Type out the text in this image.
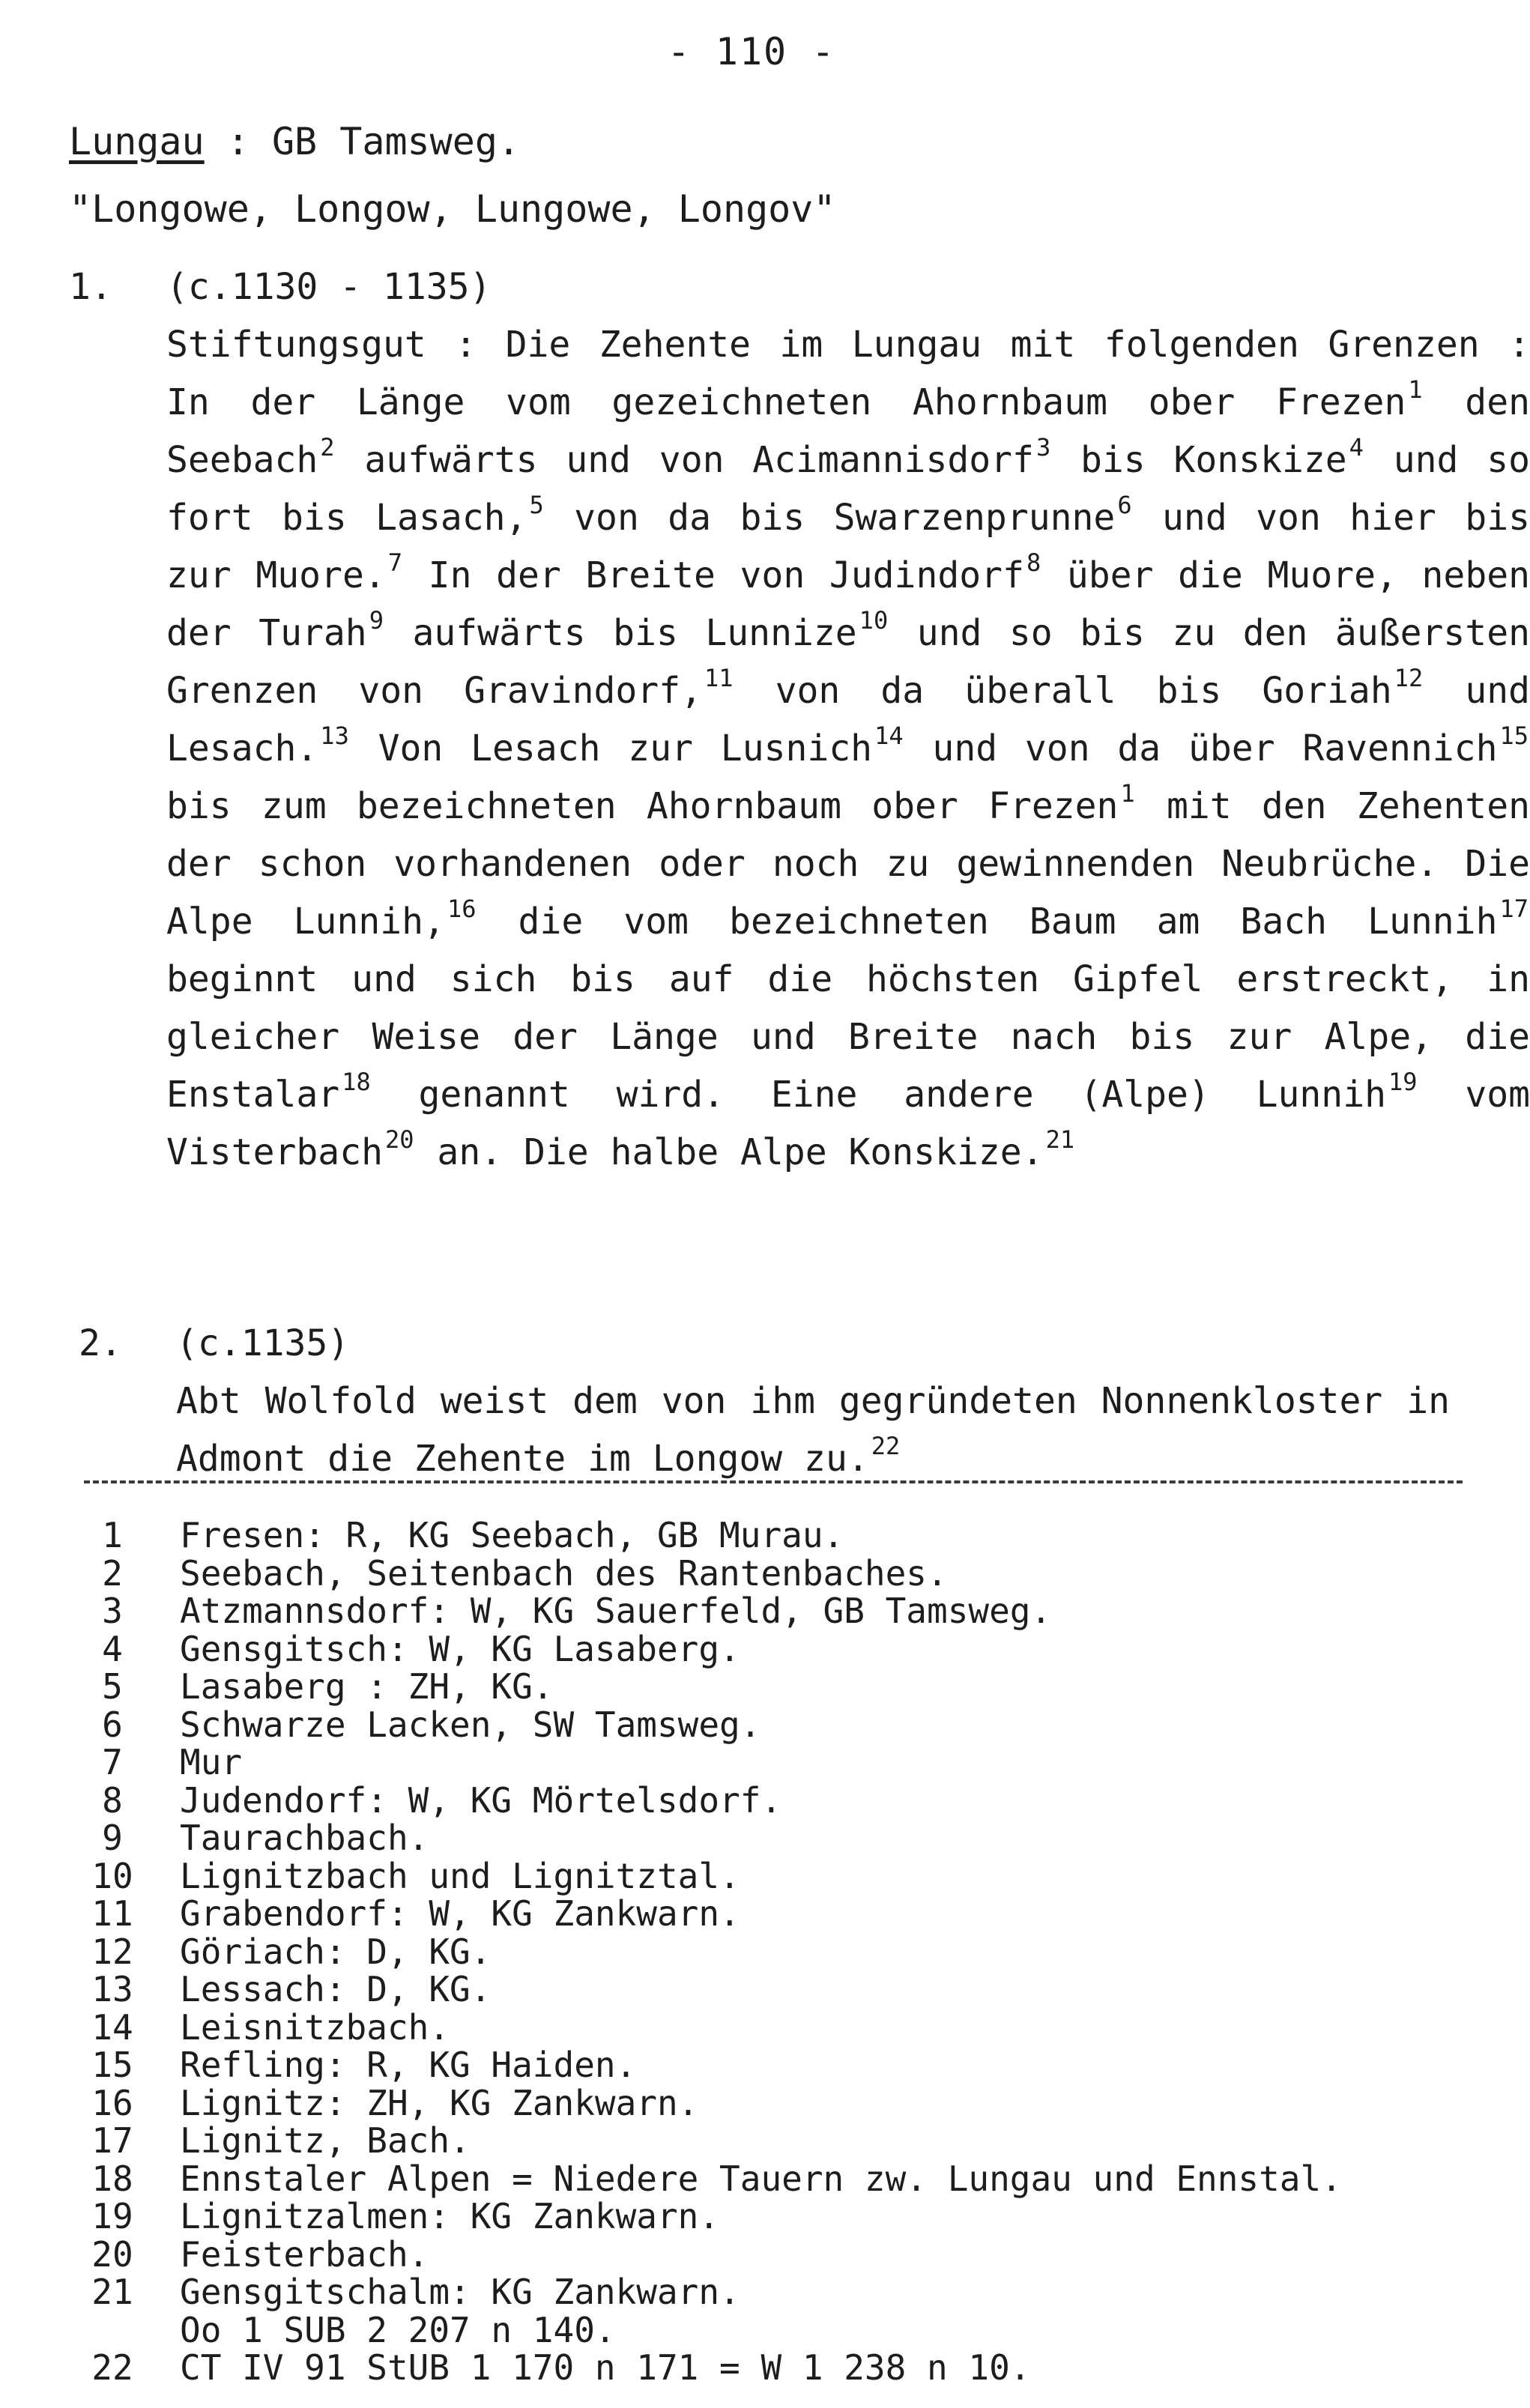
- 110 -
Lungau : GB Tamsweg.
"Longowe, Longow, Lungowe, Longov"
1. (c.1130 - 1135)
Stiftungsgut : Die Zehente im Lungau mit folgenden Grenzen : In der Länge vom gezeichneten Ahornbaum ober Frezen$^1$ den Seebach$^2$ aufwärts und von Acimannisdorf$^3$ bis Konskize$^4$ und so fort bis Lasach,$^5$ von da bis Swarzenprunne$^6$ und von hier bis zur Muore.$^7$ In der Breite von Judindorf$^8$ über die Muore, neben der Turah$^9$ aufwärts bis Lunnize$^{10}$ und so bis zu den äußersten Grenzen von Gravindorf,$^{11}$ von da überall bis Goriah$^{12}$ und Lesach.$^{13}$ Von Lesach zur Lusnich$^{14}$ und von da über Ravennich$^{15}$ bis zum bezeichneten Ahornbaum ober Frezen$^1$ mit den Zehenten der schon vorhandenen oder noch zu gewinnenden Neubrüche. Die Alpe Lunnih,$^{16}$ die vom bezeichneten Baum am Bach Lunnih$^{17}$ beginnt und sich bis auf die höchsten Gipfel erstreckt, in gleicher Weise der Länge und Breite nach bis zur Alpe, die Enstalar$^{18}$ genannt wird. Eine andere (Alpe) Lunnih$^{19}$ vom Visterbach$^{20}$ an. Die halbe Alpe Konskize.$^{21}$
2. (c.1135)
Abt Wolfold weist dem von ihm gegründeten Nonnenkloster in Admont die Zehente im Longow zu.$^{22}$
1	Fresen: R, KG Seebach, GB Murau.
2	Seebach, Seitenbach des Rantenbaches.
3	Atzmannsdorf: W, KG Sauerfeld, GB Tamsweg.
4	Gensgitsch: W, KG Lasaberg.
5	Lasaberg : ZH, KG.
6	Schwarze Lacken, SW Tamsweg.
7	Mur
8	Judendorf: W, KG Mörtelsdorf.
9	Taurachbach.
10 Lignitzbach und Lignitztal.
11 Grabendorf: W, KG Zankwarn.
12 Göriach: D, KG.
13 Lessach: D, KG.
14 Leisnitzbach.
15 Refling: R, KG Haiden.
16 Lignitz: ZH, KG Zankwarn.
17 Lignitz, Bach.
18 Ennstaler Alpen = Niedere Tauern zw. Lungau und Ennstal.
19 Lignitzalmen: KG Zankwarn.
20 Feisterbach.
21 Gensgitschalm: KG Zankwarn.
Oo 1 SUB 2 207 n 140.
22 CT IV 91 StUB 1 170 n 171 = W 1 238 n 10.
